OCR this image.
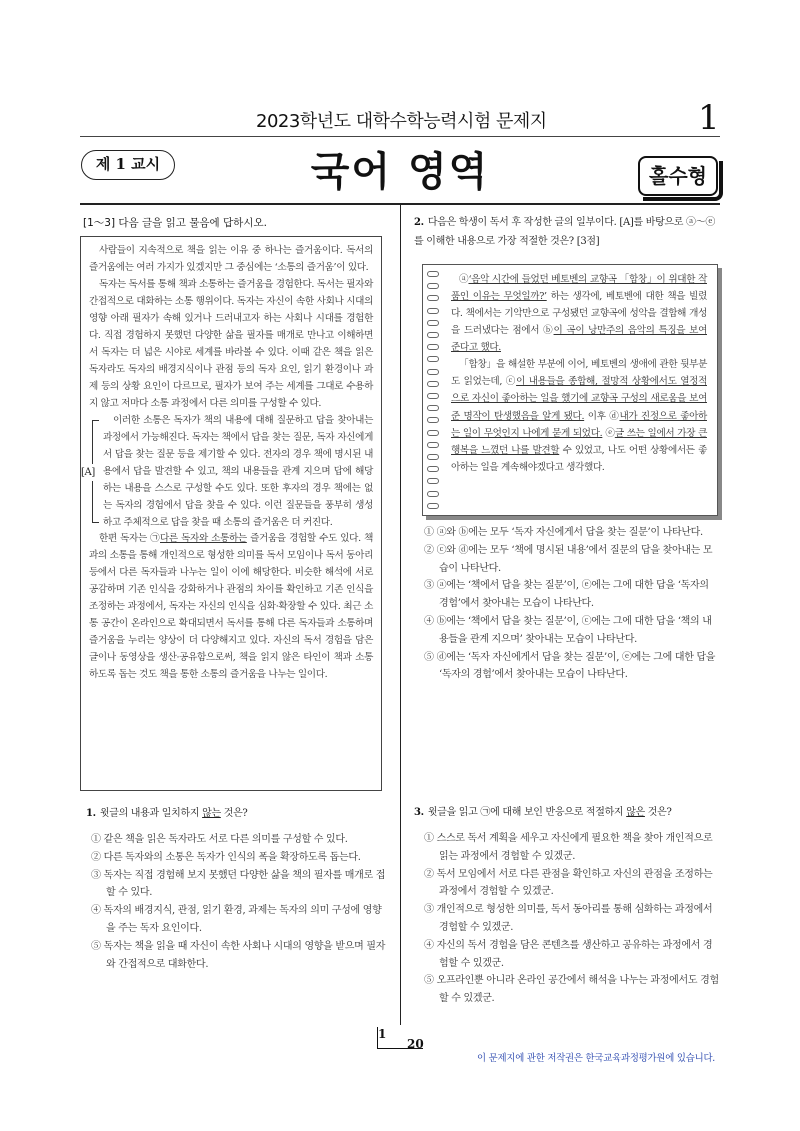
2023학년도 대학수학능력시험 문제지	1
제 1 교시	국어 영역	홀수형
[1～3] 다음 글을 읽고 물음에 답하시오.

사람들이 지속적으로 책을 읽는 이유 중 하나는 즐거움이다. 독서의 즐거움에는 여러 가지가 있겠지만 그 중심에는 ‘소통의 즐거움’이 있다.

독자는 독서를 통해 책과 소통하는 즐거움을 경험한다. 독서는 필자와 간접적으로 대화하는 소통 행위이다. 독자는 자신이 속한 사회나 시대의 영향 아래 필자가 속해 있거나 드러내고자 하는 사회나 시대를 경험한다. 직접 경험하지 못했던 다양한 삶을 필자를 매개로 만나고 이해하면서 독자는 더 넓은 시야로 세계를 바라볼 수 있다. 이때 같은 책을 읽은 독자라도 독자의 배경지식이나 관점 등의 독자 요인, 읽기 환경이나 과제 등의 상황 요인이 다르므로, 필자가 보여 주는 세계를 그대로 수용하지 않고 저마다 소통 과정에서 다른 의미를 구성할 수 있다.

[A]

이러한 소통은 독자가 책의 내용에 대해 질문하고 답을 찾아내는 과정에서 가능해진다. 독자는 책에서 답을 찾는 질문, 독자 자신에게서 답을 찾는 질문 등을 제기할 수 있다. 전자의 경우 책에 명시된 내용에서 답을 발견할 수 있고, 책의 내용들을 관계 지으며 답에 해당하는 내용을 스스로 구성할 수도 있다. 또한 후자의 경우 책에는 없는 독자의 경험에서 답을 찾을 수 있다. 이런 질문들을 풍부히 생성하고 주체적으로 답을 찾을 때 소통의 즐거움은 더 커진다.

한편 독자는 ㉠다른 독자와 소통하는 즐거움을 경험할 수도 있다. 책과의 소통을 통해 개인적으로 형성한 의미를 독서 모임이나 독서 동아리 등에서 다른 독자들과 나누는 일이 이에 해당한다. 비슷한 해석에 서로 공감하며 기존 인식을 강화하거나 관점의 차이를 확인하고 기존 인식을 조정하는 과정에서, 독자는 자신의 인식을 심화·확장할 수 있다. 최근 소통 공간이 온라인으로 확대되면서 독서를 통해 다른 독자들과 소통하며 즐거움을 누리는 양상이 더 다양해지고 있다. 자신의 독서 경험을 담은 글이나 동영상을 생산·공유함으로써, 책을 읽지 않은 타인이 책과 소통하도록 돕는 것도 책을 통한 소통의 즐거움을 나누는 일이다.

1. 윗글의 내용과 일치하지 않는 것은?
① 같은 책을 읽은 독자라도 서로 다른 의미를 구성할 수 있다.
② 다른 독자와의 소통은 독자가 인식의 폭을 확장하도록 돕는다.
③ 독자는 직접 경험해 보지 못했던 다양한 삶을 책의 필자를 매개로 접할 수 있다.
④ 독자의 배경지식, 관점, 읽기 환경, 과제는 독자의 의미 구성에 영향을 주는 독자 요인이다.
⑤ 독자는 책을 읽을 때 자신이 속한 사회나 시대의 영향을 받으며 필자와 간접적으로 대화한다.
2. 다음은 학생이 독서 후 작성한 글의 일부이다. [A]를 바탕으로 ⓐ～ⓔ를 이해한 내용으로 가장 적절한 것은? [3점]

ⓐ‘음악 시간에 들었던 베토벤의 교향곡 「합창」이 위대한 작품인 이유는 무엇일까?’ 하는 생각에, 베토벤에 대한 책을 빌렸다. 책에서는 기악만으로 구성됐던 교향곡에 성악을 결합해 개성을 드러냈다는 점에서 ⓑ이 곡이 낭만주의 음악의 특징을 보여 준다고 했다.

「합창」을 해설한 부분에 이어, 베토벤의 생애에 관한 뒷부분도 읽었는데, ⓒ이 내용들을 종합해, 절망적 상황에서도 열정적으로 자신이 좋아하는 일을 했기에 교향곡 구성의 새로움을 보여 준 명작이 탄생했음을 알게 됐다. 이후 ⓓ내가 진정으로 좋아하는 일이 무엇인지 나에게 묻게 되었다. ⓔ글 쓰는 일에서 가장 큰 행복을 느꼈던 나를 발견할 수 있었고, 나도 어떤 상황에서든 좋아하는 일을 계속해야겠다고 생각했다.

① ⓐ와 ⓑ에는 모두 ‘독자 자신에게서 답을 찾는 질문’이 나타난다.
② ⓒ와 ⓓ에는 모두 ‘책에 명시된 내용’에서 질문의 답을 찾아내는 모습이 나타난다.
③ ⓐ에는 ‘책에서 답을 찾는 질문’이, ⓔ에는 그에 대한 답을 ‘독자의 경험’에서 찾아내는 모습이 나타난다.
④ ⓑ에는 ‘책에서 답을 찾는 질문’이, ⓒ에는 그에 대한 답을 ‘책의 내용들을 관계 지으며’ 찾아내는 모습이 나타난다.
⑤ ⓓ에는 ‘독자 자신에게서 답을 찾는 질문’이, ⓔ에는 그에 대한 답을 ‘독자의 경험’에서 찾아내는 모습이 나타난다.
3. 윗글을 읽고 ㉠에 대해 보인 반응으로 적절하지 않은 것은?
① 스스로 독서 계획을 세우고 자신에게 필요한 책을 찾아 개인적으로 읽는 과정에서 경험할 수 있겠군.
② 독서 모임에서 서로 다른 관점을 확인하고 자신의 관점을 조정하는 과정에서 경험할 수 있겠군.
③ 개인적으로 형성한 의미를, 독서 동아리를 통해 심화하는 과정에서 경험할 수 있겠군.
④ 자신의 독서 경험을 담은 콘텐츠를 생산하고 공유하는 과정에서 경험할 수 있겠군.
⑤ 오프라인뿐 아니라 온라인 공간에서 해석을 나누는 과정에서도 경험할 수 있겠군.
1
20
이 문제지에 관한 저작권은 한국교육과정평가원에 있습니다.
